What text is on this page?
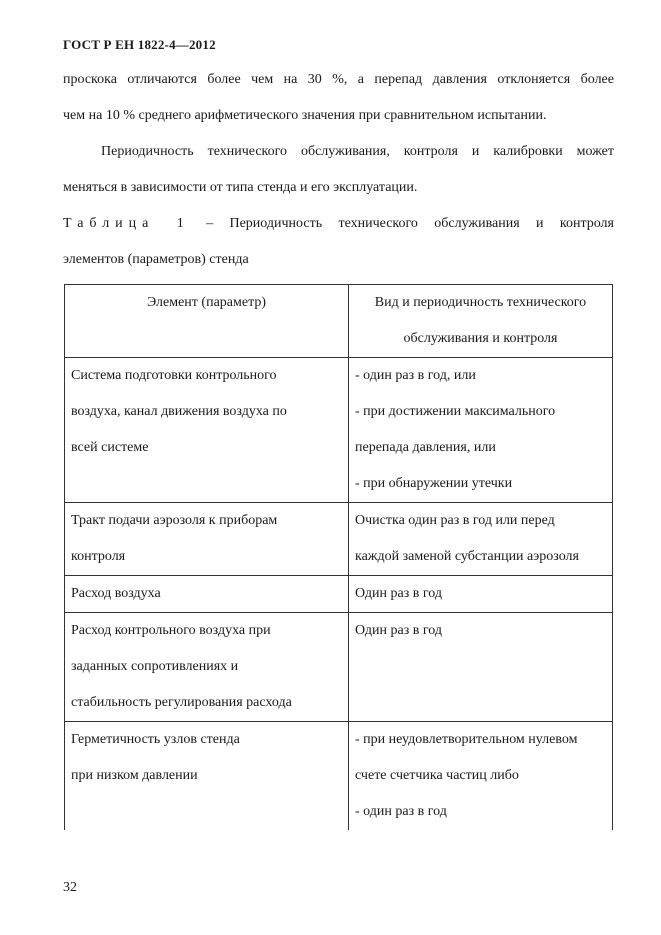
ГОСТ Р ЕН 1822-4—2012
проскока отличаются более чем на 30 %, а перепад давления отклоняется более
чем на 10 % среднего арифметического значения при сравнительном испытании.
Периодичность технического обслуживания, контроля и калибровки может
меняться в зависимости от типа стенда и его эксплуатации.
Таблица 1 – Периодичность технического обслуживания и контроля
элементов (параметров) стенда
Элемент (параметр)	Вид и периодичность технического
обслуживания и контроля

Система подготовки контрольного
воздуха, канал движения воздуха по
всей системе	- один раз в год, или
- при достижении максимального
перепада давления, или
- при обнаружении утечки

Тракт подачи аэрозоля к приборам
контроля	Очистка один раз в год или перед
каждой заменой субстанции аэрозоля

Расход воздуха	Один раз в год

Расход контрольного воздуха при
заданных сопротивлениях и
стабильность регулирования расхода	Один раз в год

Герметичность узлов стенда
при низком давлении	- при неудовлетворительном нулевом
счете счетчика частиц либо
- один раз в год
32
